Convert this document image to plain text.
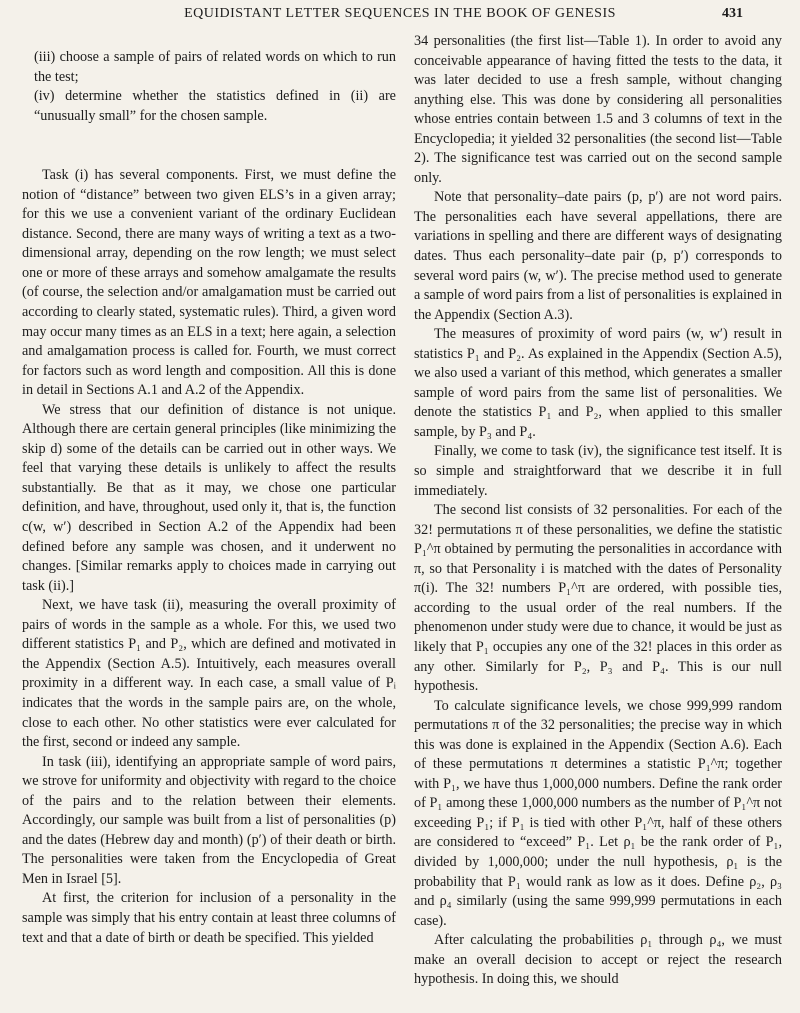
EQUIDISTANT LETTER SEQUENCES IN THE BOOK OF GENESIS	431

(iii) choose a sample of pairs of related words on which to run the test;

(iv) determine whether the statistics defined in (ii) are “unusually small” for the chosen sample.

Task (i) has several components. First, we must define the notion of “distance” between two given ELS’s in a given array; for this we use a convenient variant of the ordinary Euclidean distance. Second, there are many ways of writing a text as a two-dimensional array, depending on the row length; we must select one or more of these arrays and somehow amalgamate the results (of course, the selection and/or amalgamation must be carried out according to clearly stated, systematic rules). Third, a given word may occur many times as an ELS in a text; here again, a selection and amalgamation process is called for. Fourth, we must correct for factors such as word length and composition. All this is done in detail in Sections A.1 and A.2 of the Appendix.

We stress that our definition of distance is not unique. Although there are certain general principles (like minimizing the skip d) some of the details can be carried out in other ways. We feel that varying these details is unlikely to affect the results substantially. Be that as it may, we chose one particular definition, and have, throughout, used only it, that is, the function c(w, w′) described in Section A.2 of the Appendix had been defined before any sample was chosen, and it underwent no changes. [Similar remarks apply to choices made in carrying out task (ii).]

Next, we have task (ii), measuring the overall proximity of pairs of words in the sample as a whole. For this, we used two different statistics P₁ and P₂, which are defined and motivated in the Appendix (Section A.5). Intuitively, each measures overall proximity in a different way. In each case, a small value of Pᵢ indicates that the words in the sample pairs are, on the whole, close to each other. No other statistics were ever calculated for the first, second or indeed any sample.

In task (iii), identifying an appropriate sample of word pairs, we strove for uniformity and objectivity with regard to the choice of the pairs and to the relation between their elements. Accordingly, our sample was built from a list of personalities (p) and the dates (Hebrew day and month) (p′) of their death or birth. The personalities were taken from the Encyclopedia of Great Men in Israel [5].

At first, the criterion for inclusion of a personality in the sample was simply that his entry contain at least three columns of text and that a date of birth or death be specified. This yielded

34 personalities (the first list—Table 1). In order to avoid any conceivable appearance of having fitted the tests to the data, it was later decided to use a fresh sample, without changing anything else. This was done by considering all personalities whose entries contain between 1.5 and 3 columns of text in the Encyclopedia; it yielded 32 personalities (the second list—Table 2). The significance test was carried out on the second sample only.

Note that personality–date pairs (p, p′) are not word pairs. The personalities each have several appellations, there are variations in spelling and there are different ways of designating dates. Thus each personality–date pair (p, p′) corresponds to several word pairs (w, w′). The precise method used to generate a sample of word pairs from a list of personalities is explained in the Appendix (Section A.3).

The measures of proximity of word pairs (w, w′) result in statistics P₁ and P₂. As explained in the Appendix (Section A.5), we also used a variant of this method, which generates a smaller sample of word pairs from the same list of personalities. We denote the statistics P₁ and P₂, when applied to this smaller sample, by P₃ and P₄.

Finally, we come to task (iv), the significance test itself. It is so simple and straightforward that we describe it in full immediately.

The second list consists of 32 personalities. For each of the 32! permutations π of these personalities, we define the statistic P₁^π obtained by permuting the personalities in accordance with π, so that Personality i is matched with the dates of Personality π(i). The 32! numbers P₁^π are ordered, with possible ties, according to the usual order of the real numbers. If the phenomenon under study were due to chance, it would be just as likely that P₁ occupies any one of the 32! places in this order as any other. Similarly for P₂, P₃ and P₄. This is our null hypothesis.

To calculate significance levels, we chose 999,999 random permutations π of the 32 personalities; the precise way in which this was done is explained in the Appendix (Section A.6). Each of these permutations π determines a statistic P₁^π; together with P₁, we have thus 1,000,000 numbers. Define the rank order of P₁ among these 1,000,000 numbers as the number of P₁^π not exceeding P₁; if P₁ is tied with other P₁^π, half of these others are considered to “exceed” P₁. Let ρ₁ be the rank order of P₁, divided by 1,000,000; under the null hypothesis, ρ₁ is the probability that P₁ would rank as low as it does. Define ρ₂, ρ₃ and ρ₄ similarly (using the same 999,999 permutations in each case).

After calculating the probabilities ρ₁ through ρ₄, we must make an overall decision to accept or reject the research hypothesis. In doing this, we should
